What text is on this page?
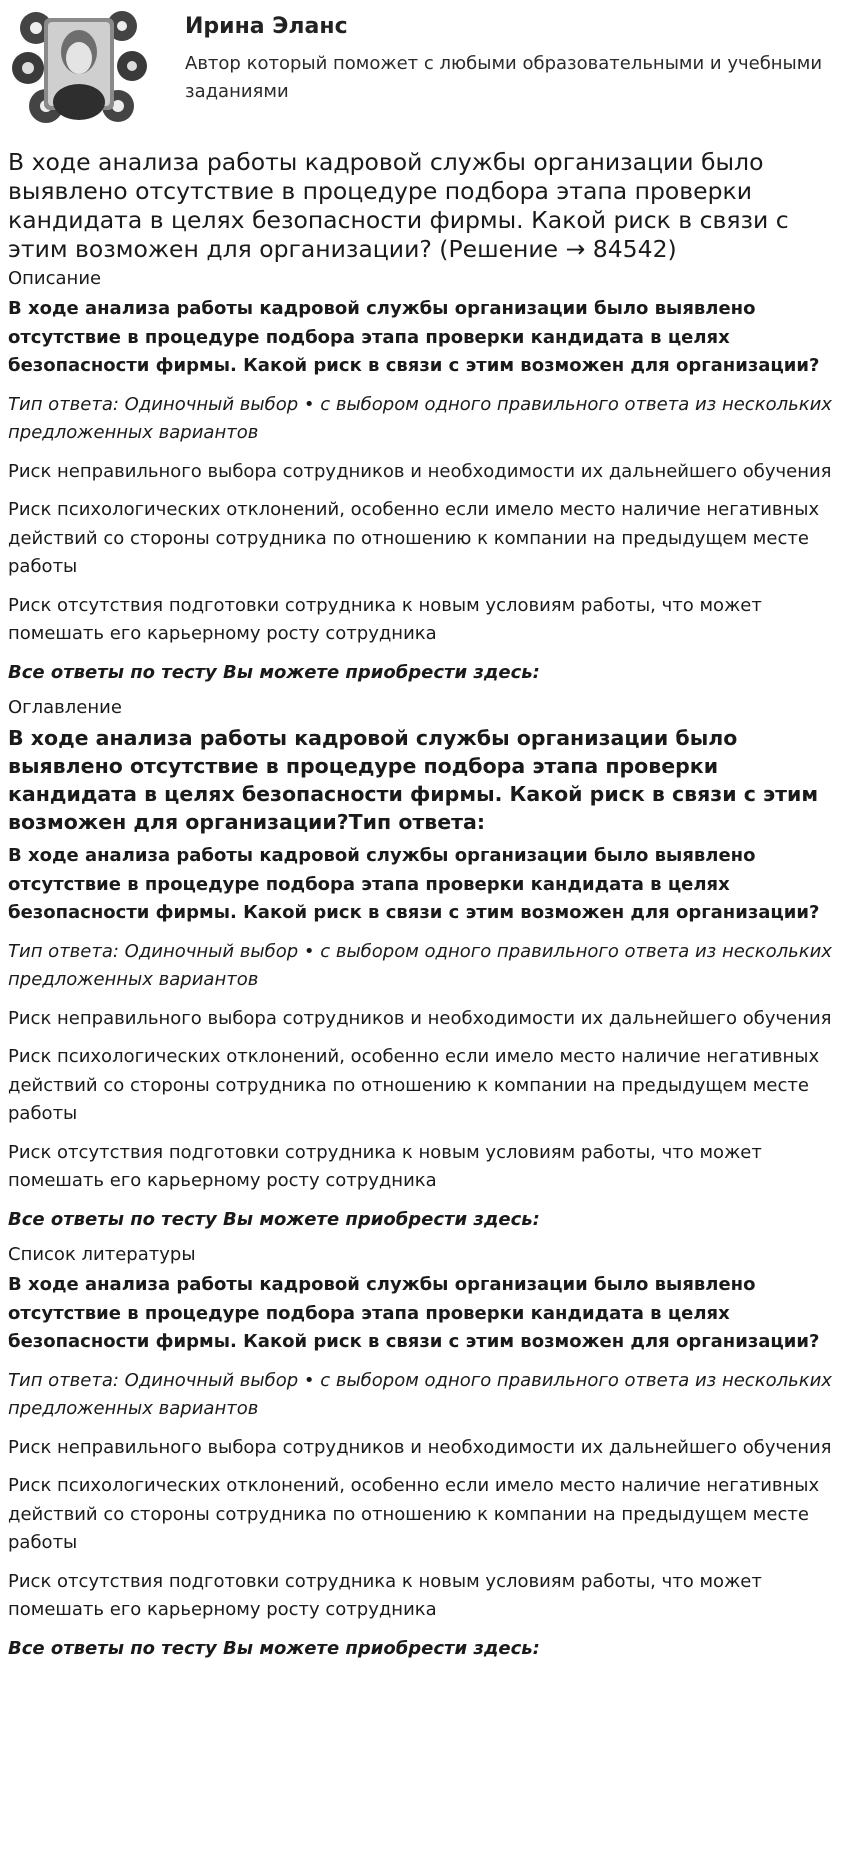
Ирина Эланс
Автор который поможет с любыми образовательными и учебными заданиями
В ходе анализа работы кадровой службы организации было выявлено отсутствие в процедуре подбора этапа проверки кандидата в целях безопасности фирмы. Какой риск в связи с этим возможен для организации? (Решение → 84542)
Описание
В ходе анализа работы кадровой службы организации было выявлено отсутствие в процедуре подбора этапа проверки кандидата в целях безопасности фирмы. Какой риск в связи с этим возможен для организации?
Тип ответа: Одиночный выбор • с выбором одного правильного ответа из нескольких предложенных вариантов
Риск неправильного выбора сотрудников и необходимости их дальнейшего обучения
Риск психологических отклонений, особенно если имело место наличие негативных действий со стороны сотрудника по отношению к компании на предыдущем месте работы
Риск отсутствия подготовки сотрудника к новым условиям работы, что может помешать его карьерному росту сотрудника
Все ответы по тесту Вы можете приобрести здесь:
Оглавление
В ходе анализа работы кадровой службы организации было выявлено отсутствие в процедуре подбора этапа проверки кандидата в целях безопасности фирмы. Какой риск в связи с этим возможен для организации?Тип ответа:
В ходе анализа работы кадровой службы организации было выявлено отсутствие в процедуре подбора этапа проверки кандидата в целях безопасности фирмы. Какой риск в связи с этим возможен для организации?
Тип ответа: Одиночный выбор • с выбором одного правильного ответа из нескольких предложенных вариантов
Риск неправильного выбора сотрудников и необходимости их дальнейшего обучения
Риск психологических отклонений, особенно если имело место наличие негативных действий со стороны сотрудника по отношению к компании на предыдущем месте работы
Риск отсутствия подготовки сотрудника к новым условиям работы, что может помешать его карьерному росту сотрудника
Все ответы по тесту Вы можете приобрести здесь:
Список литературы
В ходе анализа работы кадровой службы организации было выявлено отсутствие в процедуре подбора этапа проверки кандидата в целях безопасности фирмы. Какой риск в связи с этим возможен для организации?
Тип ответа: Одиночный выбор • с выбором одного правильного ответа из нескольких предложенных вариантов
Риск неправильного выбора сотрудников и необходимости их дальнейшего обучения
Риск психологических отклонений, особенно если имело место наличие негативных действий со стороны сотрудника по отношению к компании на предыдущем месте работы
Риск отсутствия подготовки сотрудника к новым условиям работы, что может помешать его карьерному росту сотрудника
Все ответы по тесту Вы можете приобрести здесь:
